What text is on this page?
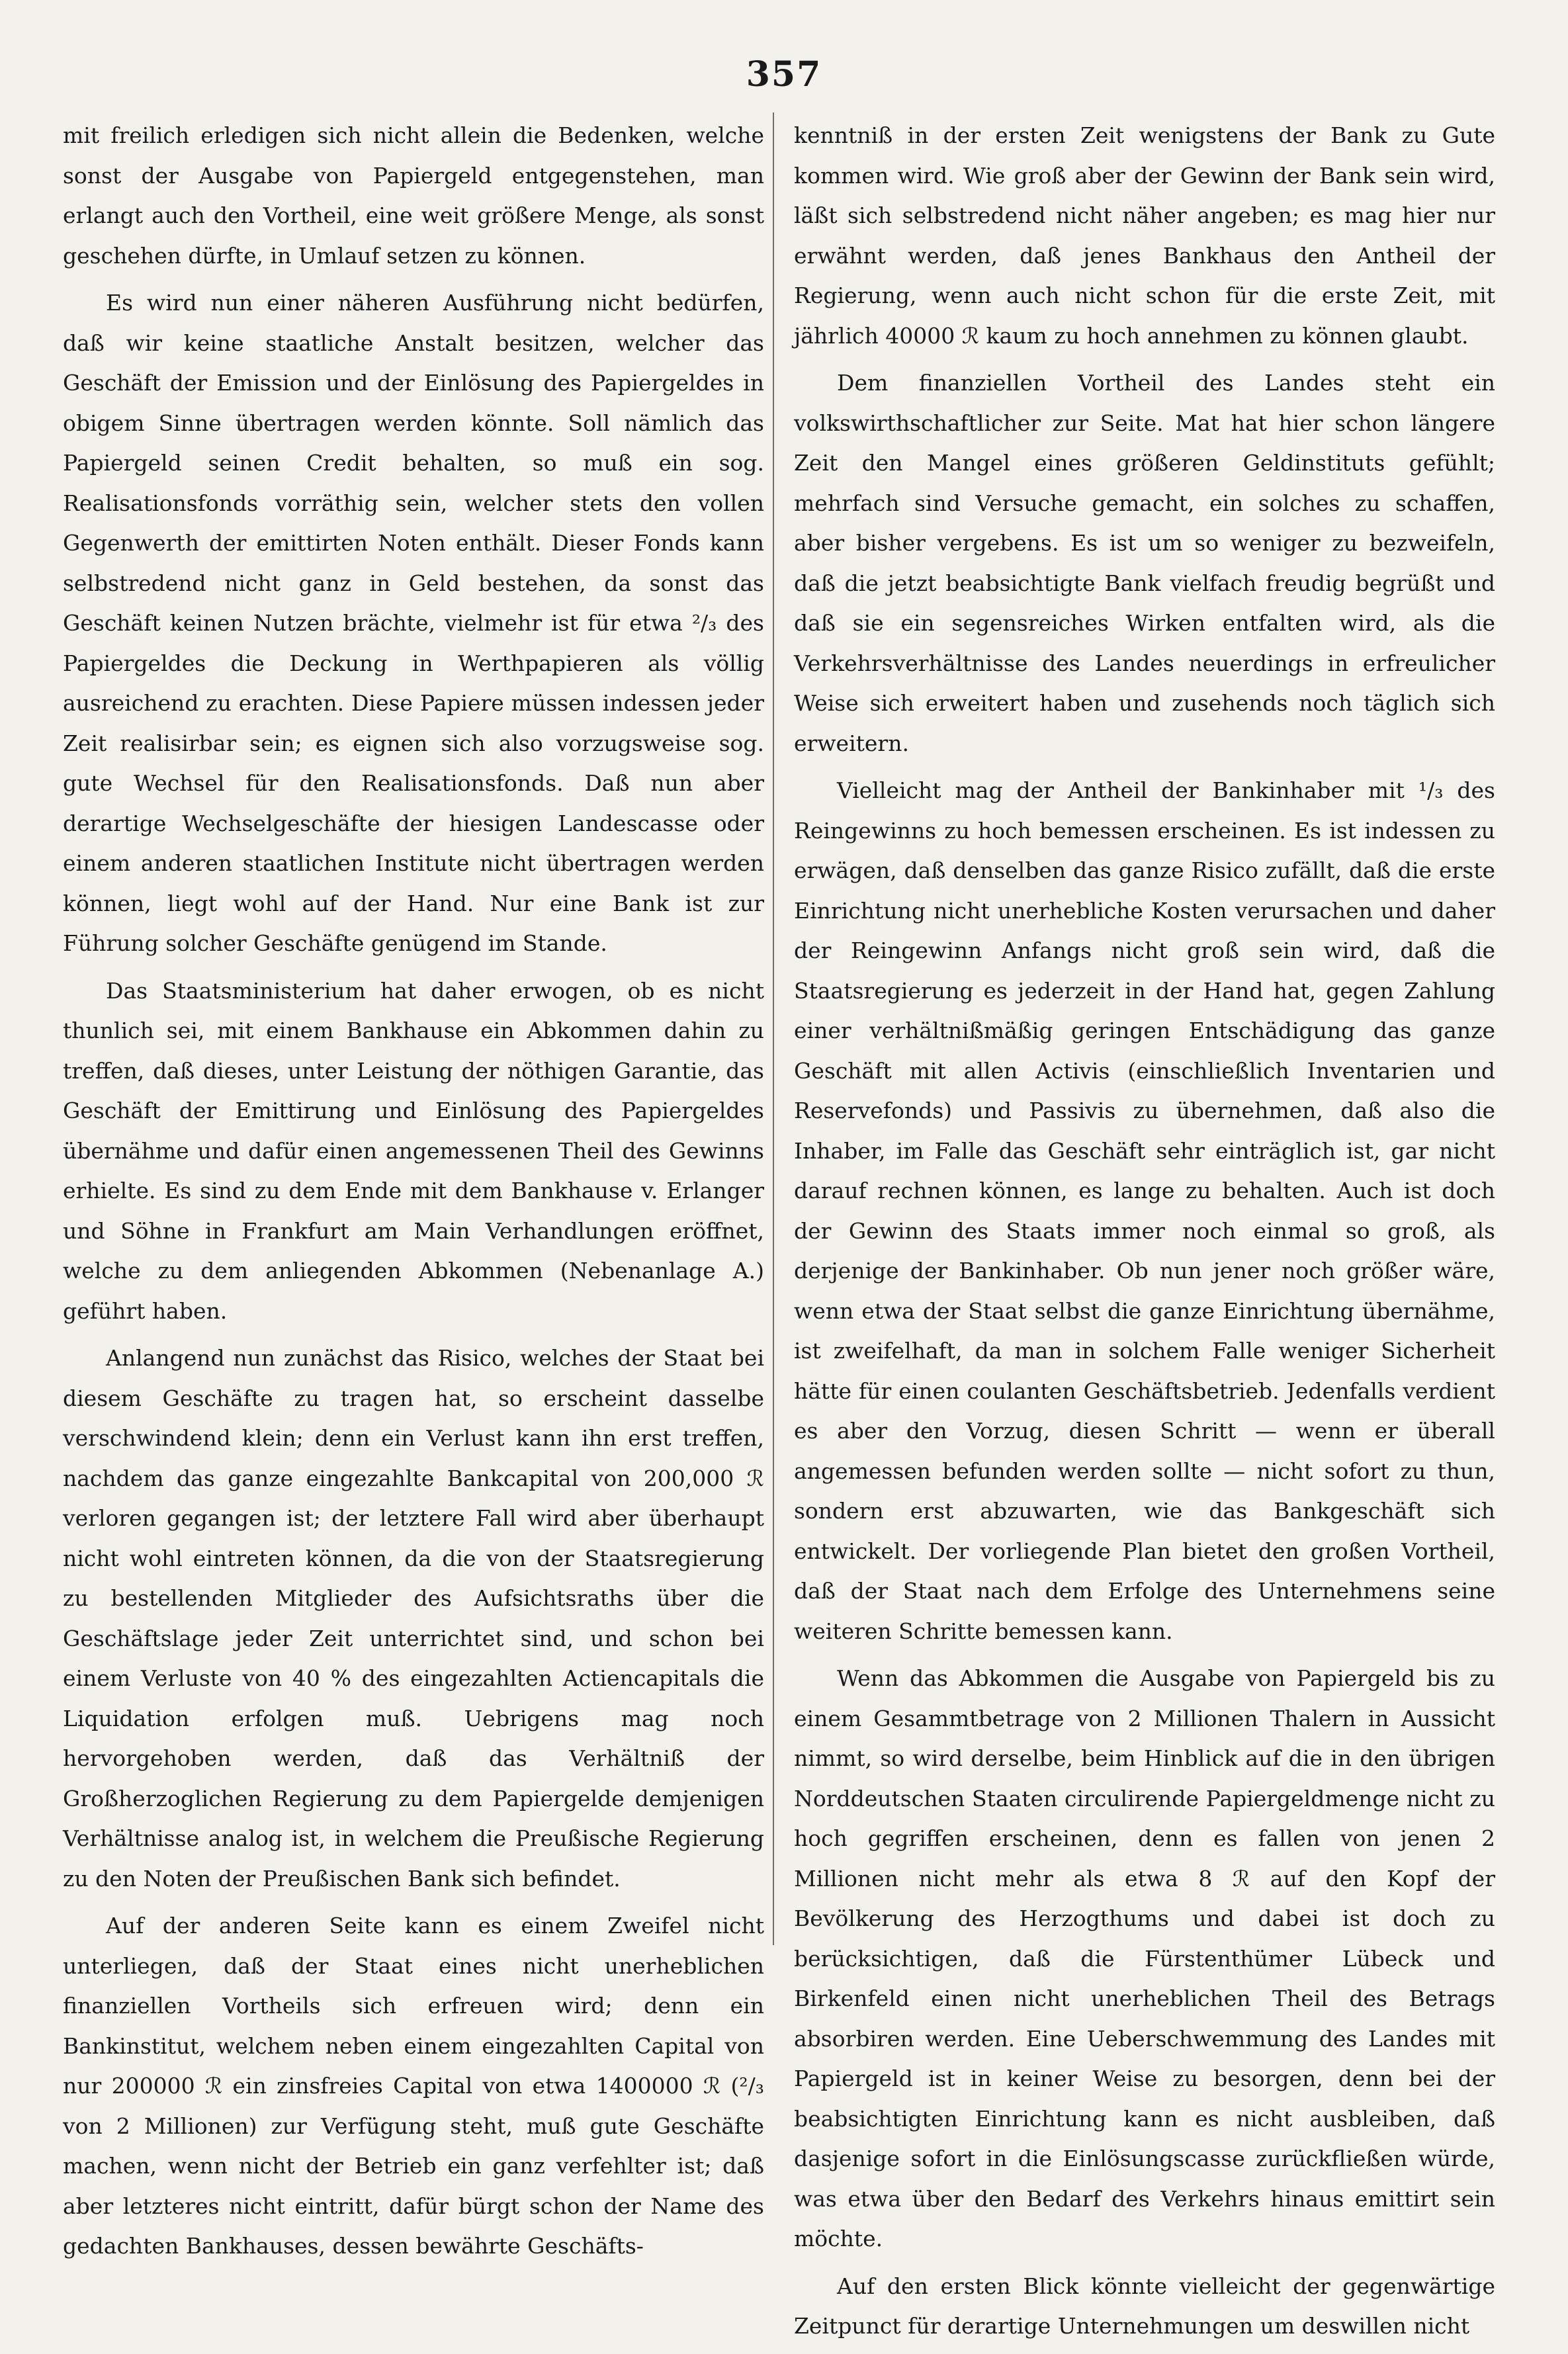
357

mit freilich erledigen sich nicht allein die Bedenken, welche sonst der Ausgabe von Papiergeld entgegenstehen, man erlangt auch den Vortheil, eine weit größere Menge, als sonst geschehen dürfte, in Umlauf setzen zu können.

Es wird nun einer näheren Ausführung nicht bedürfen, daß wir keine staatliche Anstalt besitzen, welcher das Geschäft der Emission und der Einlösung des Papiergeldes in obigem Sinne übertragen werden könnte. Soll nämlich das Papiergeld seinen Credit behalten, so muß ein sog. Realisationsfonds vorräthig sein, welcher stets den vollen Gegenwerth der emittirten Noten enthält. Dieser Fonds kann selbstredend nicht ganz in Geld bestehen, da sonst das Geschäft keinen Nutzen brächte, vielmehr ist für etwa ²/₃ des Papiergeldes die Deckung in Werthpapieren als völlig ausreichend zu erachten. Diese Papiere müssen indessen jeder Zeit realisirbar sein; es eignen sich also vorzugsweise sog. gute Wechsel für den Realisationsfonds. Daß nun aber derartige Wechselgeschäfte der hiesigen Landescasse oder einem anderen staatlichen Institute nicht übertragen werden können, liegt wohl auf der Hand. Nur eine Bank ist zur Führung solcher Geschäfte genügend im Stande.

Das Staatsministerium hat daher erwogen, ob es nicht thunlich sei, mit einem Bankhause ein Abkommen dahin zu treffen, daß dieses, unter Leistung der nöthigen Garantie, das Geschäft der Emittirung und Einlösung des Papiergeldes übernähme und dafür einen angemessenen Theil des Gewinns erhielte. Es sind zu dem Ende mit dem Bankhause v. Erlanger und Söhne in Frankfurt am Main Verhandlungen eröffnet, welche zu dem anliegenden Abkommen (Nebenanlage A.) geführt haben.

Anlangend nun zunächst das Risico, welches der Staat bei diesem Geschäfte zu tragen hat, so erscheint dasselbe verschwindend klein; denn ein Verlust kann ihn erst treffen, nachdem das ganze eingezahlte Bankcapital von 200,000 ℛ verloren gegangen ist; der letztere Fall wird aber überhaupt nicht wohl eintreten können, da die von der Staatsregierung zu bestellenden Mitglieder des Aufsichtsraths über die Geschäftslage jeder Zeit unterrichtet sind, und schon bei einem Verluste von 40 % des eingezahlten Actiencapitals die Liquidation erfolgen muß. Uebrigens mag noch hervorgehoben werden, daß das Verhältniß der Großherzoglichen Regierung zu dem Papiergelde demjenigen Verhältnisse analog ist, in welchem die Preußische Regierung zu den Noten der Preußischen Bank sich befindet.

Auf der anderen Seite kann es einem Zweifel nicht unterliegen, daß der Staat eines nicht unerheblichen finanziellen Vortheils sich erfreuen wird; denn ein Bankinstitut, welchem neben einem eingezahlten Capital von nur 200000 ℛ ein zinsfreies Capital von etwa 1400000 ℛ (²/₃ von 2 Millionen) zur Verfügung steht, muß gute Geschäfte machen, wenn nicht der Betrieb ein ganz verfehlter ist; daß aber letzteres nicht eintritt, dafür bürgt schon der Name des gedachten Bankhauses, dessen bewährte Geschäfts-

kenntniß in der ersten Zeit wenigstens der Bank zu Gute kommen wird. Wie groß aber der Gewinn der Bank sein wird, läßt sich selbstredend nicht näher angeben; es mag hier nur erwähnt werden, daß jenes Bankhaus den Antheil der Regierung, wenn auch nicht schon für die erste Zeit, mit jährlich 40000 ℛ kaum zu hoch annehmen zu können glaubt.

Dem finanziellen Vortheil des Landes steht ein volkswirthschaftlicher zur Seite. Mat hat hier schon längere Zeit den Mangel eines größeren Geldinstituts gefühlt; mehrfach sind Versuche gemacht, ein solches zu schaffen, aber bisher vergebens. Es ist um so weniger zu bezweifeln, daß die jetzt beabsichtigte Bank vielfach freudig begrüßt und daß sie ein segensreiches Wirken entfalten wird, als die Verkehrsverhältnisse des Landes neuerdings in erfreulicher Weise sich erweitert haben und zusehends noch täglich sich erweitern.

Vielleicht mag der Antheil der Bankinhaber mit ¹/₃ des Reingewinns zu hoch bemessen erscheinen. Es ist indessen zu erwägen, daß denselben das ganze Risico zufällt, daß die erste Einrichtung nicht unerhebliche Kosten verursachen und daher der Reingewinn Anfangs nicht groß sein wird, daß die Staatsregierung es jederzeit in der Hand hat, gegen Zahlung einer verhältnißmäßig geringen Entschädigung das ganze Geschäft mit allen Activis (einschließlich Inventarien und Reservefonds) und Passivis zu übernehmen, daß also die Inhaber, im Falle das Geschäft sehr einträglich ist, gar nicht darauf rechnen können, es lange zu behalten. Auch ist doch der Gewinn des Staats immer noch einmal so groß, als derjenige der Bankinhaber. Ob nun jener noch größer wäre, wenn etwa der Staat selbst die ganze Einrichtung übernähme, ist zweifelhaft, da man in solchem Falle weniger Sicherheit hätte für einen coulanten Geschäftsbetrieb. Jedenfalls verdient es aber den Vorzug, diesen Schritt — wenn er überall angemessen befunden werden sollte — nicht sofort zu thun, sondern erst abzuwarten, wie das Bankgeschäft sich entwickelt. Der vorliegende Plan bietet den großen Vortheil, daß der Staat nach dem Erfolge des Unternehmens seine weiteren Schritte bemessen kann.

Wenn das Abkommen die Ausgabe von Papiergeld bis zu einem Gesammtbetrage von 2 Millionen Thalern in Aussicht nimmt, so wird derselbe, beim Hinblick auf die in den übrigen Norddeutschen Staaten circulirende Papiergeldmenge nicht zu hoch gegriffen erscheinen, denn es fallen von jenen 2 Millionen nicht mehr als etwa 8 ℛ auf den Kopf der Bevölkerung des Herzogthums und dabei ist doch zu berücksichtigen, daß die Fürstenthümer Lübeck und Birkenfeld einen nicht unerheblichen Theil des Betrags absorbiren werden. Eine Ueberschwemmung des Landes mit Papiergeld ist in keiner Weise zu besorgen, denn bei der beabsichtigten Einrichtung kann es nicht ausbleiben, daß dasjenige sofort in die Einlösungscasse zurückfließen würde, was etwa über den Bedarf des Verkehrs hinaus emittirt sein möchte.

Auf den ersten Blick könnte vielleicht der gegenwärtige Zeitpunct für derartige Unternehmungen um deswillen nicht
